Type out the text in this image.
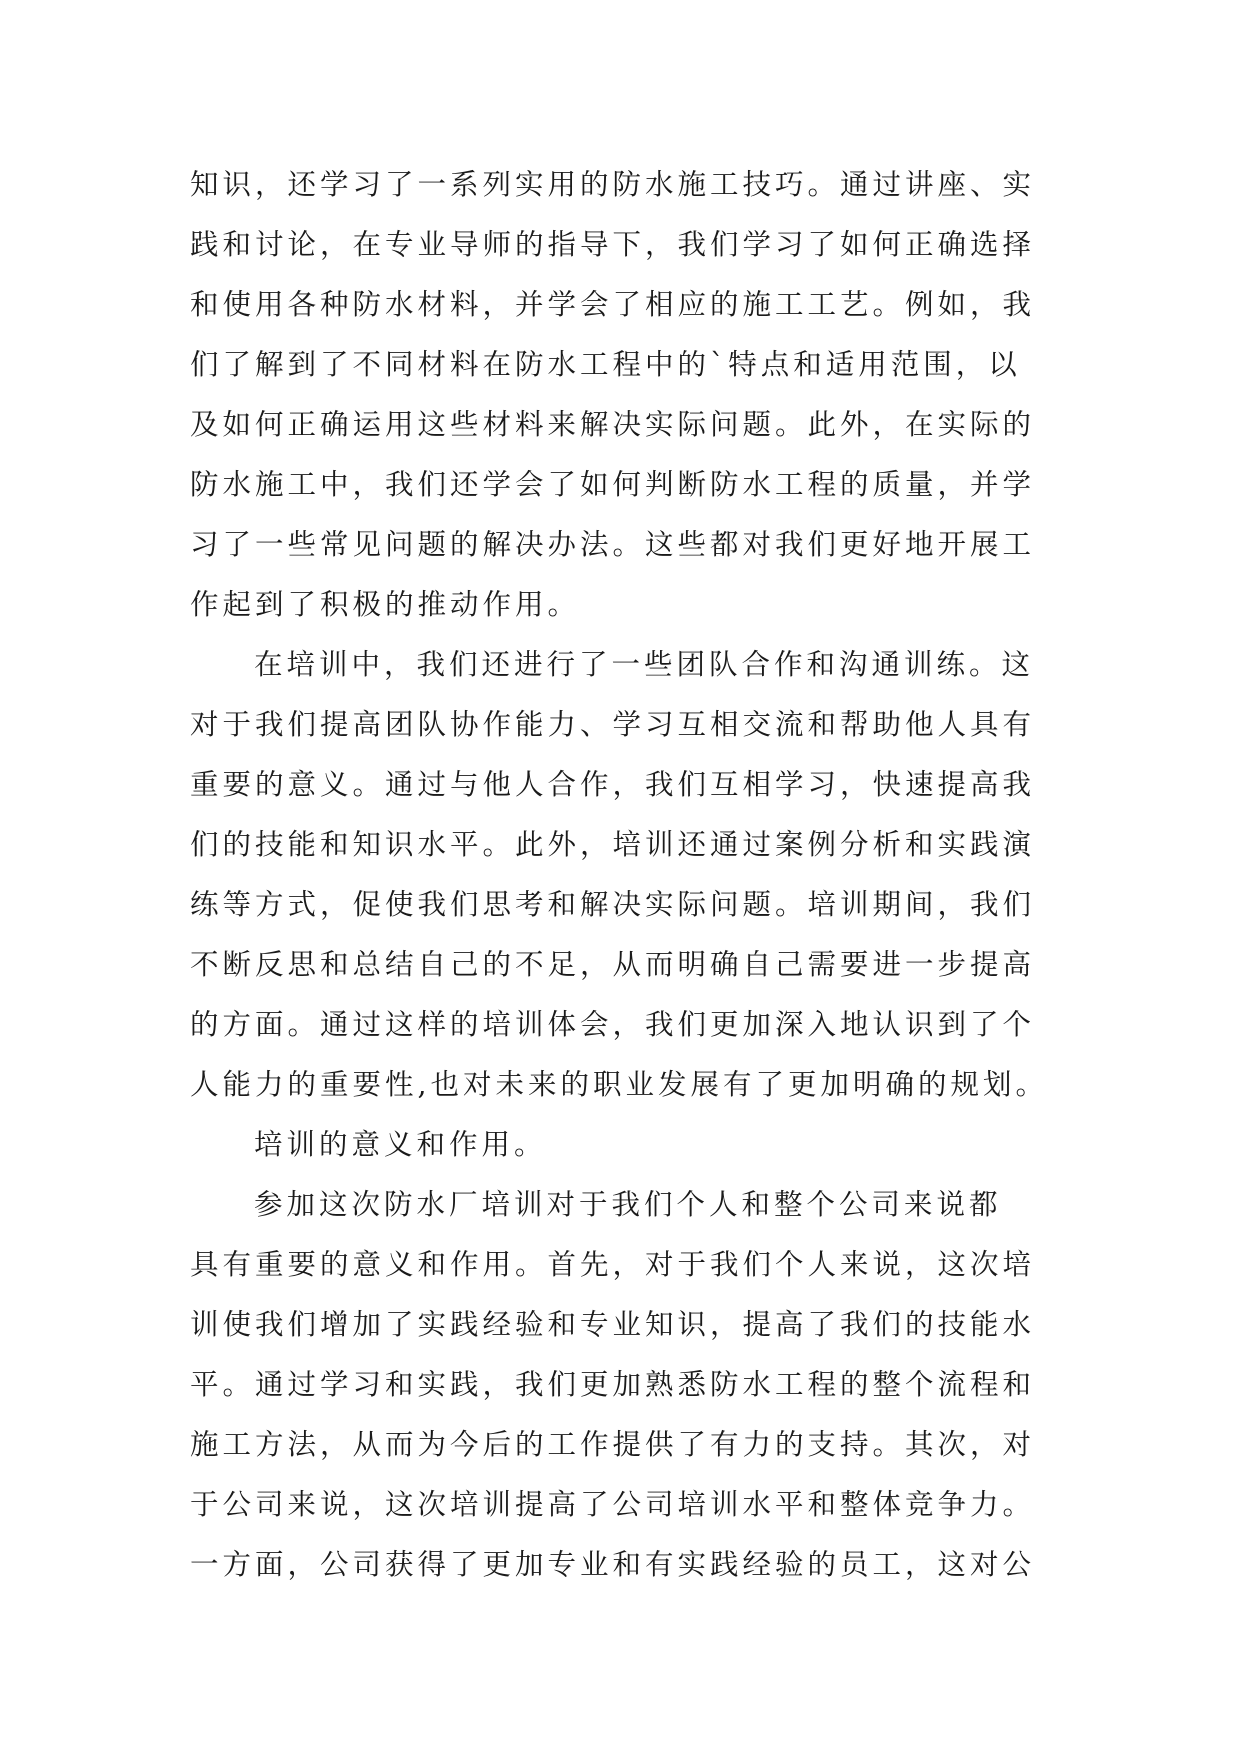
知识，还学习了一系列实用的防水施工技巧。通过讲座、实
践和讨论，在专业导师的指导下，我们学习了如何正确选择
和使用各种防水材料，并学会了相应的施工工艺。例如，我
们了解到了不同材料在防水工程中的`特点和适用范围，以
及如何正确运用这些材料来解决实际问题。此外，在实际的
防水施工中，我们还学会了如何判断防水工程的质量，并学
习了一些常见问题的解决办法。这些都对我们更好地开展工
作起到了积极的推动作用。
在培训中，我们还进行了一些团队合作和沟通训练。这
对于我们提高团队协作能力、学习互相交流和帮助他人具有
重要的意义。通过与他人合作，我们互相学习，快速提高我
们的技能和知识水平。此外，培训还通过案例分析和实践演
练等方式，促使我们思考和解决实际问题。培训期间，我们
不断反思和总结自己的不足，从而明确自己需要进一步提高
的方面。通过这样的培训体会，我们更加深入地认识到了个
人能力的重要性,也对未来的职业发展有了更加明确的规划。
培训的意义和作用。
参加这次防水厂培训对于我们个人和整个公司来说都
具有重要的意义和作用。首先，对于我们个人来说，这次培
训使我们增加了实践经验和专业知识，提高了我们的技能水
平。通过学习和实践，我们更加熟悉防水工程的整个流程和
施工方法，从而为今后的工作提供了有力的支持。其次，对
于公司来说，这次培训提高了公司培训水平和整体竞争力。
一方面，公司获得了更加专业和有实践经验的员工，这对公
